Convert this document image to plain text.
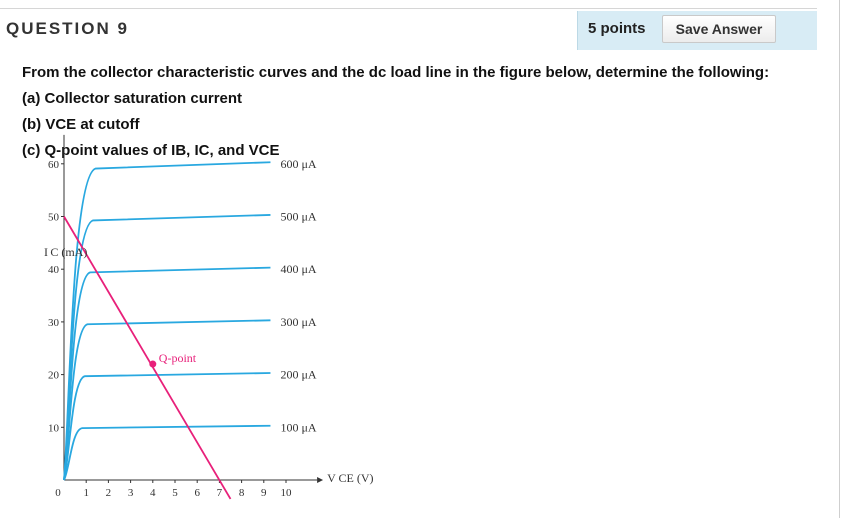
QUESTION 9	5 points	Save Answer

From the collector characteristic curves and the dc load line in the figure below, determine the following:

(a) Collector saturation current

(b) VCE at cutoff

(c) Q-point values of IB, IC, and VCE

10
20
30
40
50
60
0 1 2 3 4 5 6 7 8 9 10
I C (mA)
V CE (V)
100 μA
200 μA
300 μA
400 μA
500 μA
600 μA
Q-point
